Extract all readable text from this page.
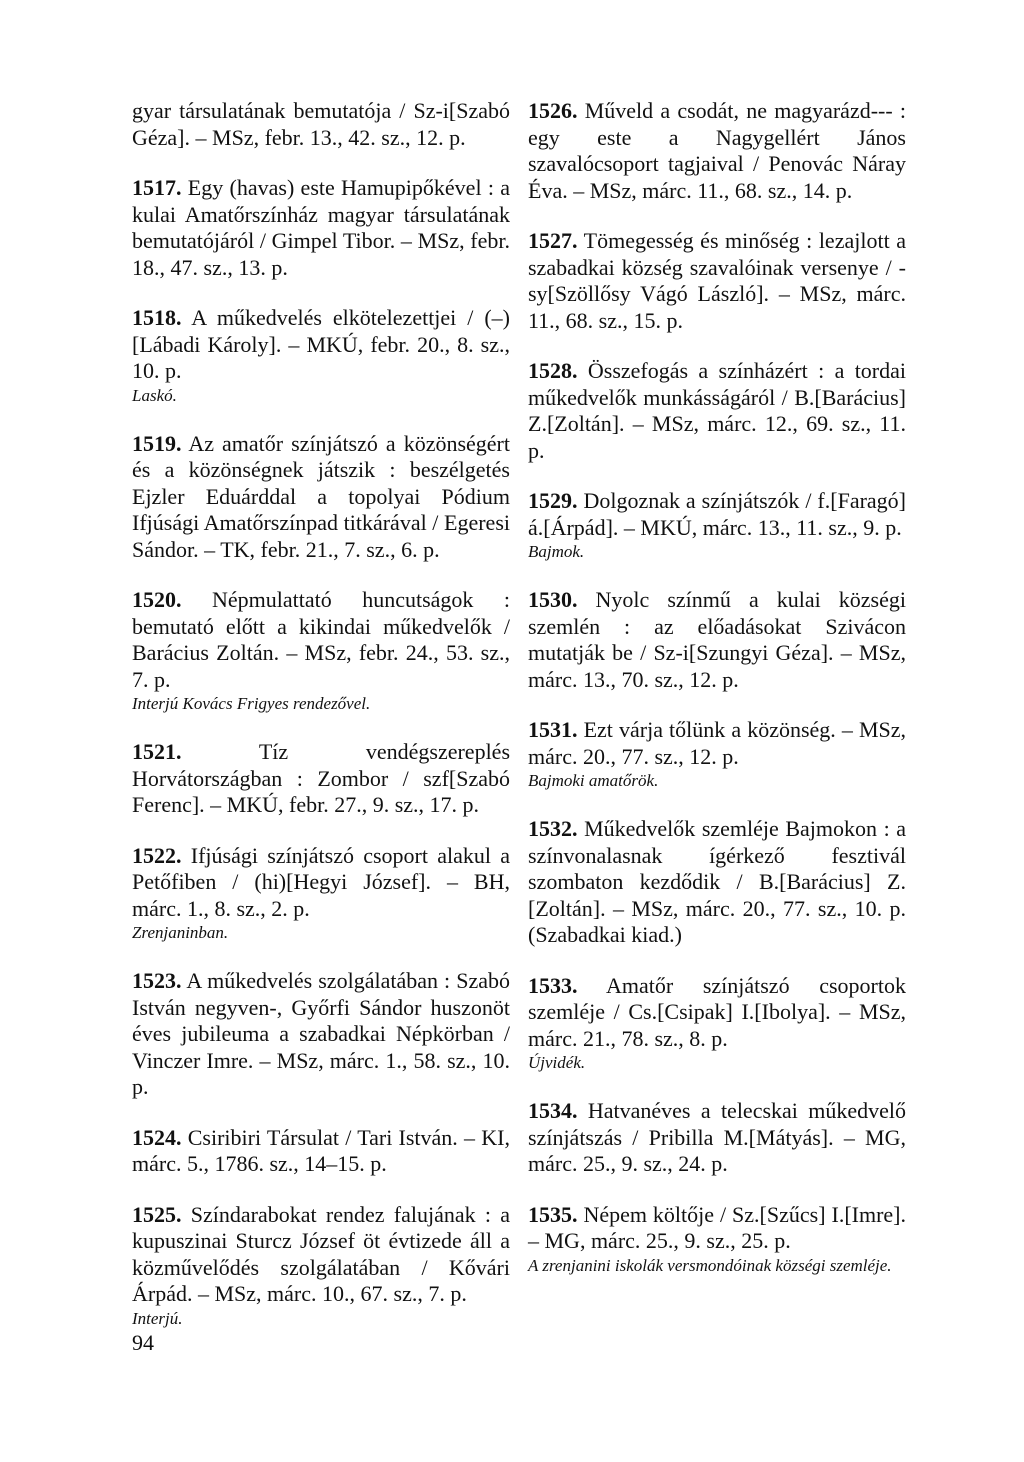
gyar társulatának bemutatója / Sz-i[Szabó Géza]. – MSz, febr. 13., 42. sz., 12. p.

1517. Egy (havas) este Hamupipőkével : a kulai Amatőrszínház magyar társulatának bemutatójáról / Gimpel Tibor. – MSz, febr. 18., 47. sz., 13. p.

1518. A műkedvelés elkötelezettjei / (–)[Lábadi Károly]. – MKÚ, febr. 20., 8. sz., 10. p.
Laskó.

1519. Az amatőr színjátszó a közönségért és a közönségnek játszik : beszélgetés Ejzler Eduárddal a topolyai Pódium Ifjúsági Amatőrszínpad titkárával / Egeresi Sándor. – TK, febr. 21., 7. sz., 6. p.

1520. Népmulattató huncutságok : bemutató előtt a kikindai műkedvelők / Barácius Zoltán. – MSz, febr. 24., 53. sz., 7. p.
Interjú Kovács Frigyes rendezővel.

1521.	Tíz vendégszereplés Horvátországban : Zombor / szf[Szabó Ferenc]. – MKÚ, febr. 27., 9. sz., 17. p.

1522. Ifjúsági színjátszó csoport alakul a Petőfiben / (hi)[Hegyi József]. – BH, márc. 1., 8. sz., 2. p.
Zrenjaninban.

1523. A műkedvelés szolgálatában : Szabó István negyven-, Győrfi Sándor huszonöt éves jubileuma a szabadkai Népkörban / Vinczer Imre. – MSz, márc. 1., 58. sz., 10. p.

1524. Csiribiri Társulat / Tari István. – KI, márc. 5., 1786. sz., 14–15. p.

1525. Színdarabokat rendez falujának : a kupuszinai Sturcz József öt évtizede áll a közművelődés szolgálatában / Kővári Árpád. – MSz, márc. 10., 67. sz., 7. p.
Interjú.

1526. Műveld a csodát, ne magyarázd--- : egy este a Nagygellért János szavalócsoport tagjaival / Penovác Náray Éva. – MSz, márc. 11., 68. sz., 14. p.

1527. Tömegesség és minőség : lezajlott a szabadkai község szavalóinak versenye / -sy[Szöllősy Vágó László]. – MSz, márc. 11., 68. sz., 15. p.

1528. Összefogás a színházért : a tordai műkedvelők munkásságáról / B.[Barácius] Z.[Zoltán]. – MSz, márc. 12., 69. sz., 11. p.

1529. Dolgoznak a színjátszók / f.[Faragó] á.[Árpád]. – MKÚ, márc. 13., 11. sz., 9. p.
Bajmok.

1530. Nyolc színmű a kulai községi szemlén : az előadásokat Szivácon mutatják be / Sz-i[Szungyi Géza]. – MSz, márc. 13., 70. sz., 12. p.

1531. Ezt várja tőlünk a közönség. – MSz, márc. 20., 77. sz., 12. p.
Bajmoki amatőrök.

1532. Műkedvelők szemléje Bajmokon : a színvonalasnak ígérkező fesztivál szombaton kezdődik / B.[Barácius] Z.[Zoltán]. – MSz, márc. 20., 77. sz., 10. p. (Szabadkai kiad.)

1533. Amatőr színjátszó csoportok szemléje / Cs.[Csipak] I.[Ibolya]. – MSz, márc. 21., 78. sz., 8. p.
Újvidék.

1534. Hatvanéves a telecskai műkedvelő színjátszás / Pribilla M.[Mátyás]. – MG, márc. 25., 9. sz., 24. p.

1535. Népem költője / Sz.[Szűcs] I.[Imre]. – MG, márc. 25., 9. sz., 25. p.
A zrenjanini iskolák versmondóinak községi szemléje.

94
